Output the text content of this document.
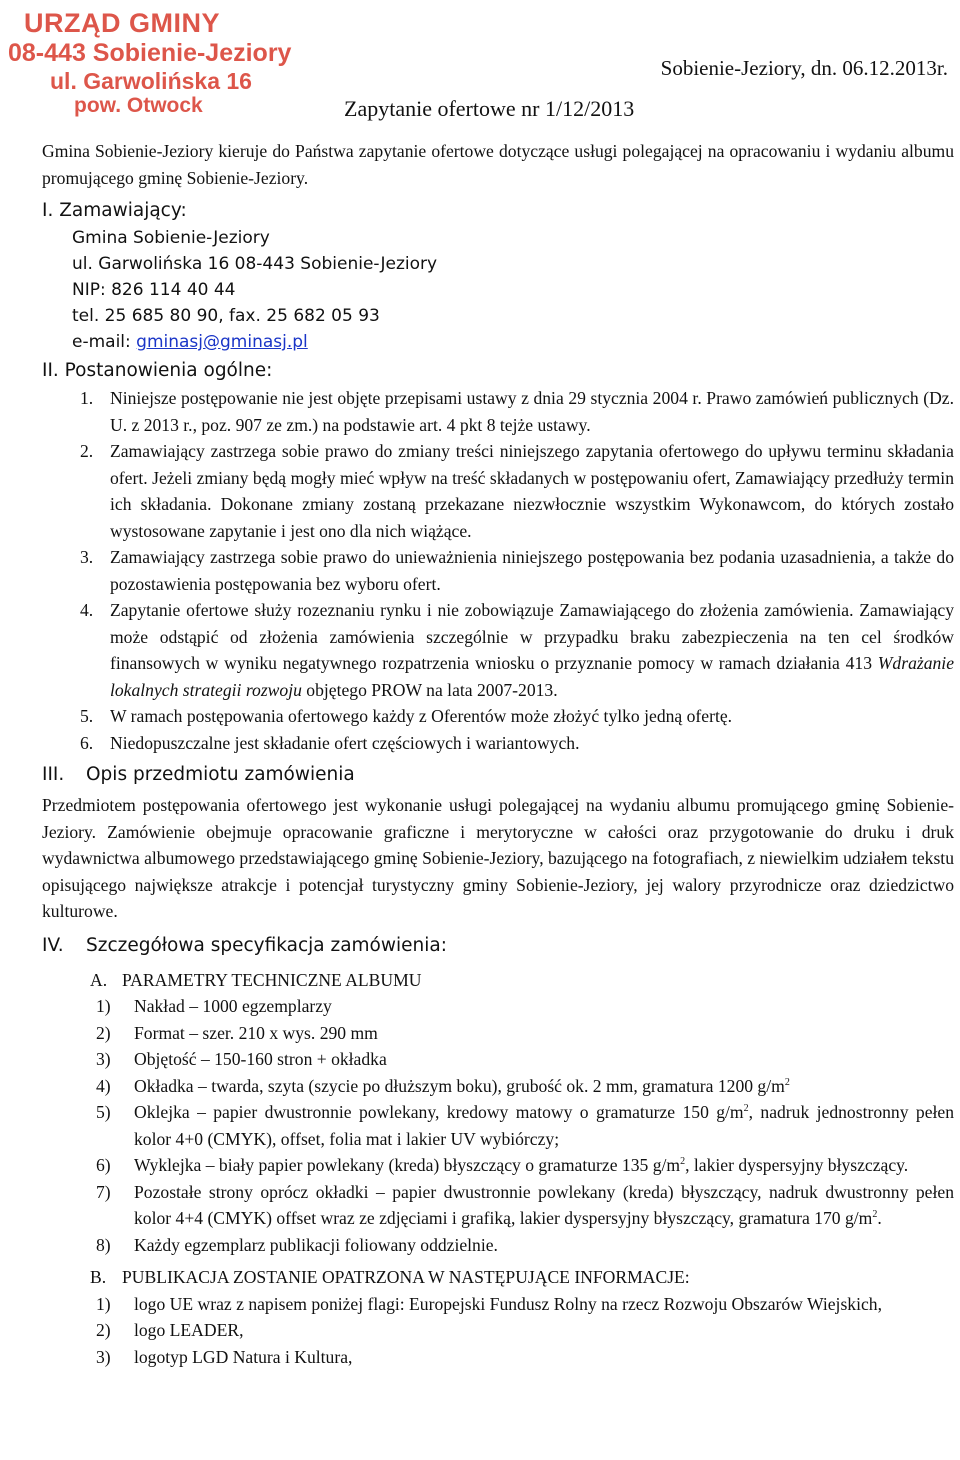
URZĄD GMINY
08-443 Sobienie-Jeziory
ul. Garwolińska 16
pow. Otwock
Sobienie-Jeziory, dn. 06.12.2013r.
Zapytanie ofertowe nr 1/12/2013

Gmina Sobienie-Jeziory kieruje do Państwa zapytanie ofertowe dotyczące usługi polegającej na opracowaniu i wydaniu albumu promującego gminę Sobienie-Jeziory.

I. Zamawiający:

Gmina Sobienie-Jeziory

ul. Garwolińska 16 08-443 Sobienie-Jeziory

NIP: 826 114 40 44

tel. 25 685 80 90, fax. 25 682 05 93

e-mail: gminasj@gminasj.pl

II. Postanowienia ogólne:

1. Niniejsze postępowanie nie jest objęte przepisami ustawy z dnia 29 stycznia 2004 r. Prawo zamówień publicznych (Dz. U. z 2013 r., poz. 907 ze zm.) na podstawie art. 4 pkt 8 tejże ustawy.
2. Zamawiający zastrzega sobie prawo do zmiany treści niniejszego zapytania ofertowego do upływu terminu składania ofert. Jeżeli zmiany będą mogły mieć wpływ na treść składanych w postępowaniu ofert, Zamawiający przedłuży termin ich składania. Dokonane zmiany zostaną przekazane niezwłocznie wszystkim Wykonawcom, do których zostało wystosowane zapytanie i jest ono dla nich wiążące.
3. Zamawiający zastrzega sobie prawo do unieważnienia niniejszego postępowania bez podania uzasadnienia, a także do pozostawienia postępowania bez wyboru ofert.
4. Zapytanie ofertowe służy rozeznaniu rynku i nie zobowiązuje Zamawiającego do złożenia zamówienia. Zamawiający może odstąpić od złożenia zamówienia szczególnie w przypadku braku zabezpieczenia na ten cel środków finansowych w wyniku negatywnego rozpatrzenia wniosku o przyznanie pomocy w ramach działania 413 Wdrażanie lokalnych strategii rozwoju objętego PROW na lata 2007-2013.
5. W ramach postępowania ofertowego każdy z Oferentów może złożyć tylko jedną ofertę.
6. Niedopuszczalne jest składanie ofert częściowych i wariantowych.
III.	Opis przedmiotu zamówienia

Przedmiotem postępowania ofertowego jest wykonanie usługi polegającej na wydaniu albumu promującego gminę Sobienie-Jeziory. Zamówienie obejmuje opracowanie graficzne i merytoryczne w całości oraz przygotowanie do druku i druk wydawnictwa albumowego przedstawiającego gminę Sobienie-Jeziory, bazującego na fotografiach, z niewielkim udziałem tekstu opisującego największe atrakcje i potencjał turystyczny gminy Sobienie-Jeziory, jej walory przyrodnicze oraz dziedzictwo kulturowe.

IV.	Szczegółowa specyfikacja zamówienia:
A. PARAMETRY TECHNICZNE ALBUMU
1)	Nakład – 1000 egzemplarzy
2)	Format – szer. 210 x wys. 290 mm
3)	Objętość – 150-160 stron + okładka
4)	Okładka – twarda, szyta (szycie po dłuższym boku), grubość ok. 2 mm, gramatura 1200 $g/m^2$
5)	Oklejka – papier dwustronnie powlekany, kredowy matowy o gramaturze 150 $g/m^2$, nadruk jednostronny pełen kolor 4+0 (CMYK), offset, folia mat i lakier UV wybiórczy;
6)	Wyklejka – biały papier powlekany (kreda) błyszczący o gramaturze 135 $g/m^2$, lakier dyspersyjny błyszczący.
7)	Pozostałe strony oprócz okładki – papier dwustronnie powlekany (kreda) błyszczący, nadruk dwustronny pełen kolor 4+4 (CMYK) offset wraz ze zdjęciami i grafiką, lakier dyspersyjny błyszczący, gramatura 170 $g/m^2$.
8)	Każdy egzemplarz publikacji foliowany oddzielnie.
B. PUBLIKACJA ZOSTANIE OPATRZONA W NASTĘPUJĄCE INFORMACJE:
1)	logo UE wraz z napisem poniżej flagi: Europejski Fundusz Rolny na rzecz Rozwoju Obszarów Wiejskich,
2)	logo LEADER,
3)	logotyp LGD Natura i Kultura,
